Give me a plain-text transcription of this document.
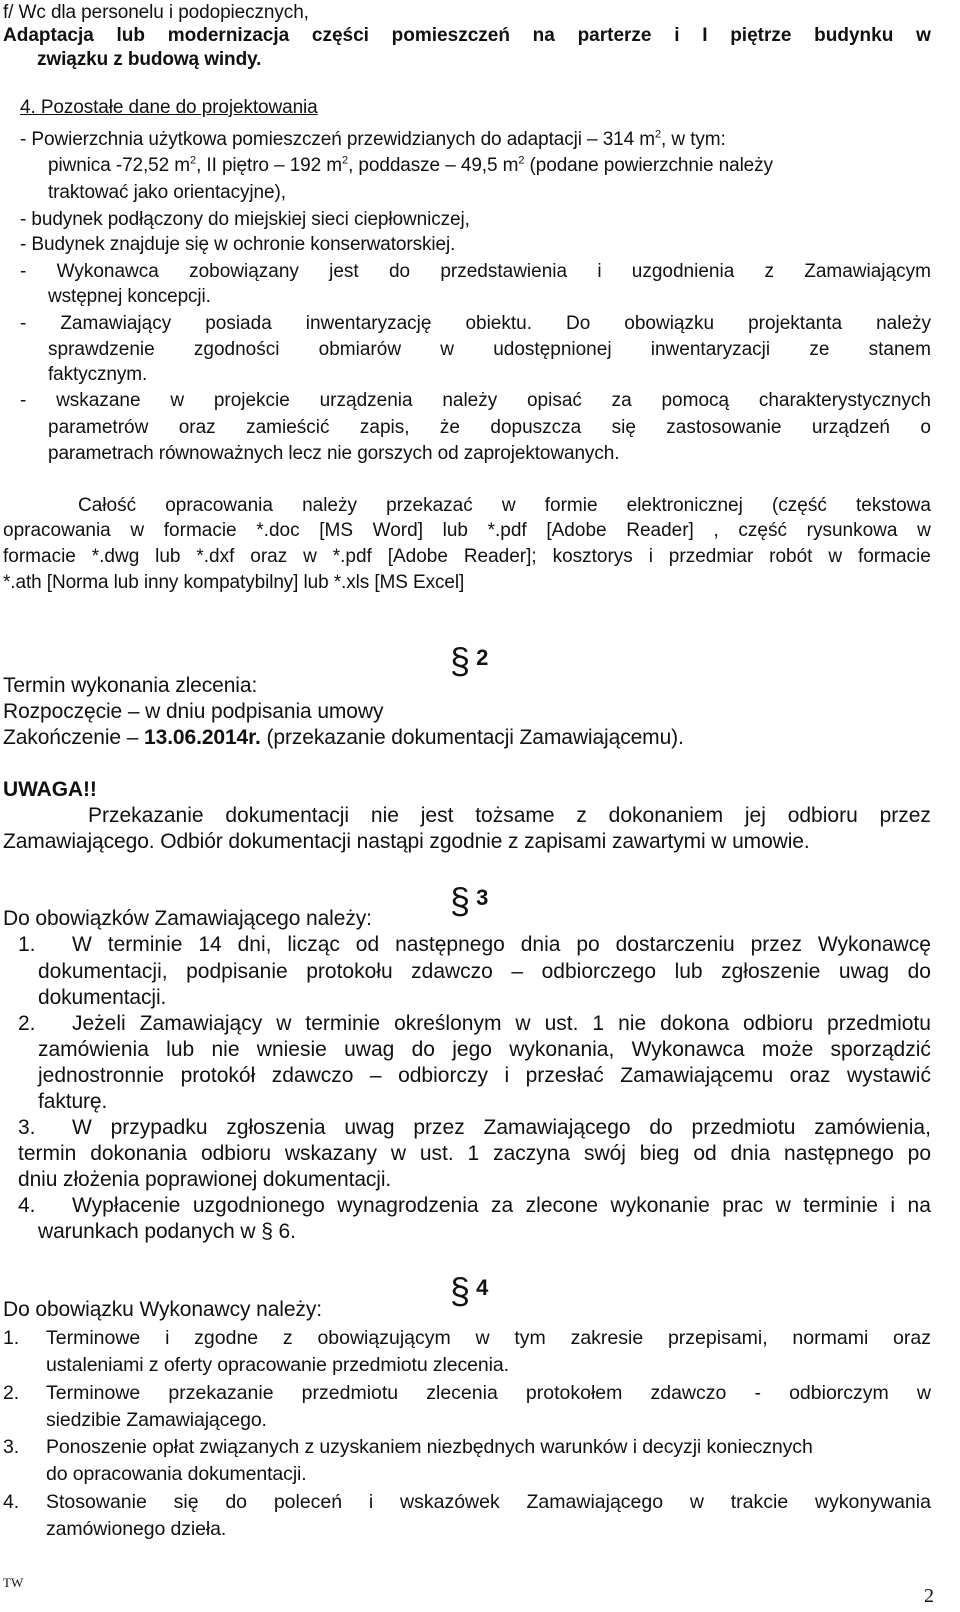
f/ Wc dla personelu i podopiecznych,
Adaptacja lub modernizacja części pomieszczeń na parterze i I piętrze budynku w
związku z budową windy.
4. Pozostałe dane do projektowania
- Powierzchnia użytkowa pomieszczeń przewidzianych do adaptacji – 314 $m^2$, w tym:
piwnica -72,52 $m^2$, II piętro – 192 $m^2$, poddasze – 49,5 $m^2$ (podane powierzchnie należy
traktować jako orientacyjne),
- budynek podłączony do miejskiej sieci ciepłowniczej,
- Budynek znajduje się w ochronie konserwatorskiej.
- Wykonawca zobowiązany jest do przedstawienia i uzgodnienia z Zamawiającym
wstępnej koncepcji.
- Zamawiający posiada inwentaryzację obiektu. Do obowiązku projektanta należy
sprawdzenie zgodności obmiarów w udostępnionej inwentaryzacji ze stanem
faktycznym.
- wskazane w projekcie urządzenia należy opisać za pomocą charakterystycznych
parametrów oraz zamieścić zapis, że dopuszcza się zastosowanie urządzeń o
parametrach równoważnych lecz nie gorszych od zaprojektowanych.
Całość opracowania należy przekazać w formie elektronicznej (część tekstowa
opracowania w formacie *.doc [MS Word] lub *.pdf [Adobe Reader] , część rysunkowa w
formacie *.dwg lub *.dxf oraz w *.pdf [Adobe Reader]; kosztorys i przedmiar robót w formacie
*.ath [Norma lub inny kompatybilny] lub *.xls [MS Excel]
§ 2
Termin wykonania zlecenia:
Rozpoczęcie – w dniu podpisania umowy
Zakończenie – 13.06.2014r. (przekazanie dokumentacji Zamawiającemu).
UWAGA!!
Przekazanie dokumentacji nie jest tożsame z dokonaniem jej odbioru przez
Zamawiającego. Odbiór dokumentacji nastąpi zgodnie z zapisami zawartymi w umowie.
§ 3
Do obowiązków Zamawiającego należy:
1. W terminie 14 dni, licząc od następnego dnia po dostarczeniu przez Wykonawcę
dokumentacji, podpisanie protokołu zdawczo – odbiorczego lub zgłoszenie uwag do
dokumentacji.
2. Jeżeli Zamawiający w terminie określonym w ust. 1 nie dokona odbioru przedmiotu
zamówienia lub nie wniesie uwag do jego wykonania, Wykonawca może sporządzić
jednostronnie protokół zdawczo – odbiorczy i przesłać Zamawiającemu oraz wystawić
fakturę.
3. W przypadku zgłoszenia uwag przez Zamawiającego do przedmiotu zamówienia,
termin dokonania odbioru wskazany w ust. 1 zaczyna swój bieg od dnia następnego po
dniu złożenia poprawionej dokumentacji.
4. Wypłacenie uzgodnionego wynagrodzenia za zlecone wykonanie prac w terminie i na
warunkach podanych w § 6.
§ 4
Do obowiązku Wykonawcy należy:
1. Terminowe i zgodne z obowiązującym w tym zakresie przepisami, normami oraz
ustaleniami z oferty opracowanie przedmiotu zlecenia.
2. Terminowe przekazanie przedmiotu zlecenia protokołem zdawczo - odbiorczym w
siedzibie Zamawiającego.
3. Ponoszenie opłat związanych z uzyskaniem niezbędnych warunków i decyzji koniecznych
do opracowania dokumentacji.
4. Stosowanie się do poleceń i wskazówek Zamawiającego w trakcie wykonywania
zamówionego dzieła.
TW
2
